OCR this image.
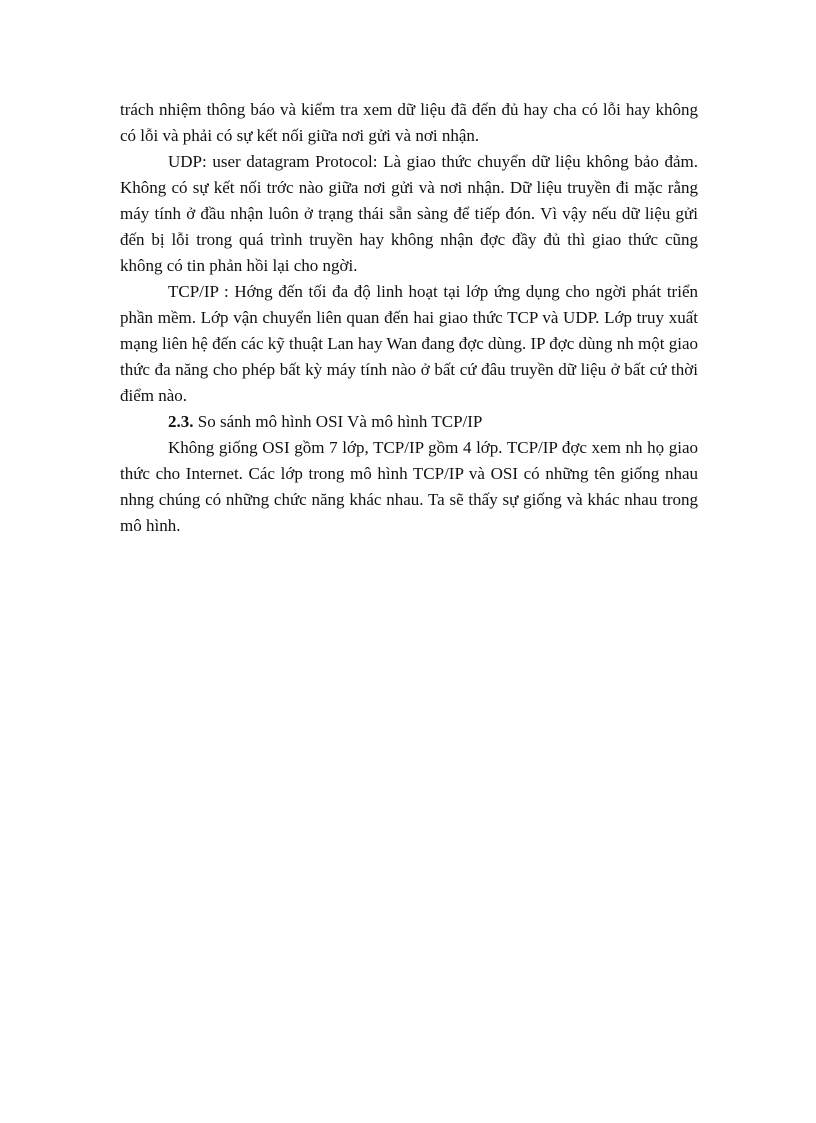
trách nhiệm thông báo và kiểm tra xem dữ liệu đã đến đủ hay cha có lỗi hay không có lỗi và phải có sự kết nối giữa nơi gửi và nơi nhận.

UDP: user datagram Protocol: Là giao thức chuyển dữ liệu không bảo đảm. Không có sự kết nối trớc nào giữa nơi gửi và nơi nhận. Dữ liệu truyền đi mặc rằng máy tính ở đầu nhận luôn ở trạng thái sẵn sàng để tiếp đón. Vì vậy nếu dữ liệu gửi đến bị lỗi trong quá trình truyền hay không nhận đợc đầy đủ thì giao thức cũng không có tin phản hồi lại cho ngời.

TCP/IP : Hớng đến tối đa độ linh hoạt tại lớp ứng dụng cho ngời phát triển phần mềm. Lớp vận chuyển liên quan đến hai giao thức TCP và UDP. Lớp truy xuất mạng liên hệ đến các kỹ thuật Lan hay Wan đang đợc dùng. IP đợc dùng nh một giao thức đa năng cho phép bất kỳ máy tính nào ở bất cứ đâu truyền dữ liệu ở bất cứ thời điểm nào.

2.3. So sánh mô hình OSI Và mô hình TCP/IP

Không giống OSI gồm 7 lớp, TCP/IP gồm 4 lớp. TCP/IP đợc xem nh họ giao thức cho Internet. Các lớp trong mô hình TCP/IP và OSI có những tên giống nhau nhng chúng có những chức năng khác nhau. Ta sẽ thấy sự giống và khác nhau trong mô hình.
